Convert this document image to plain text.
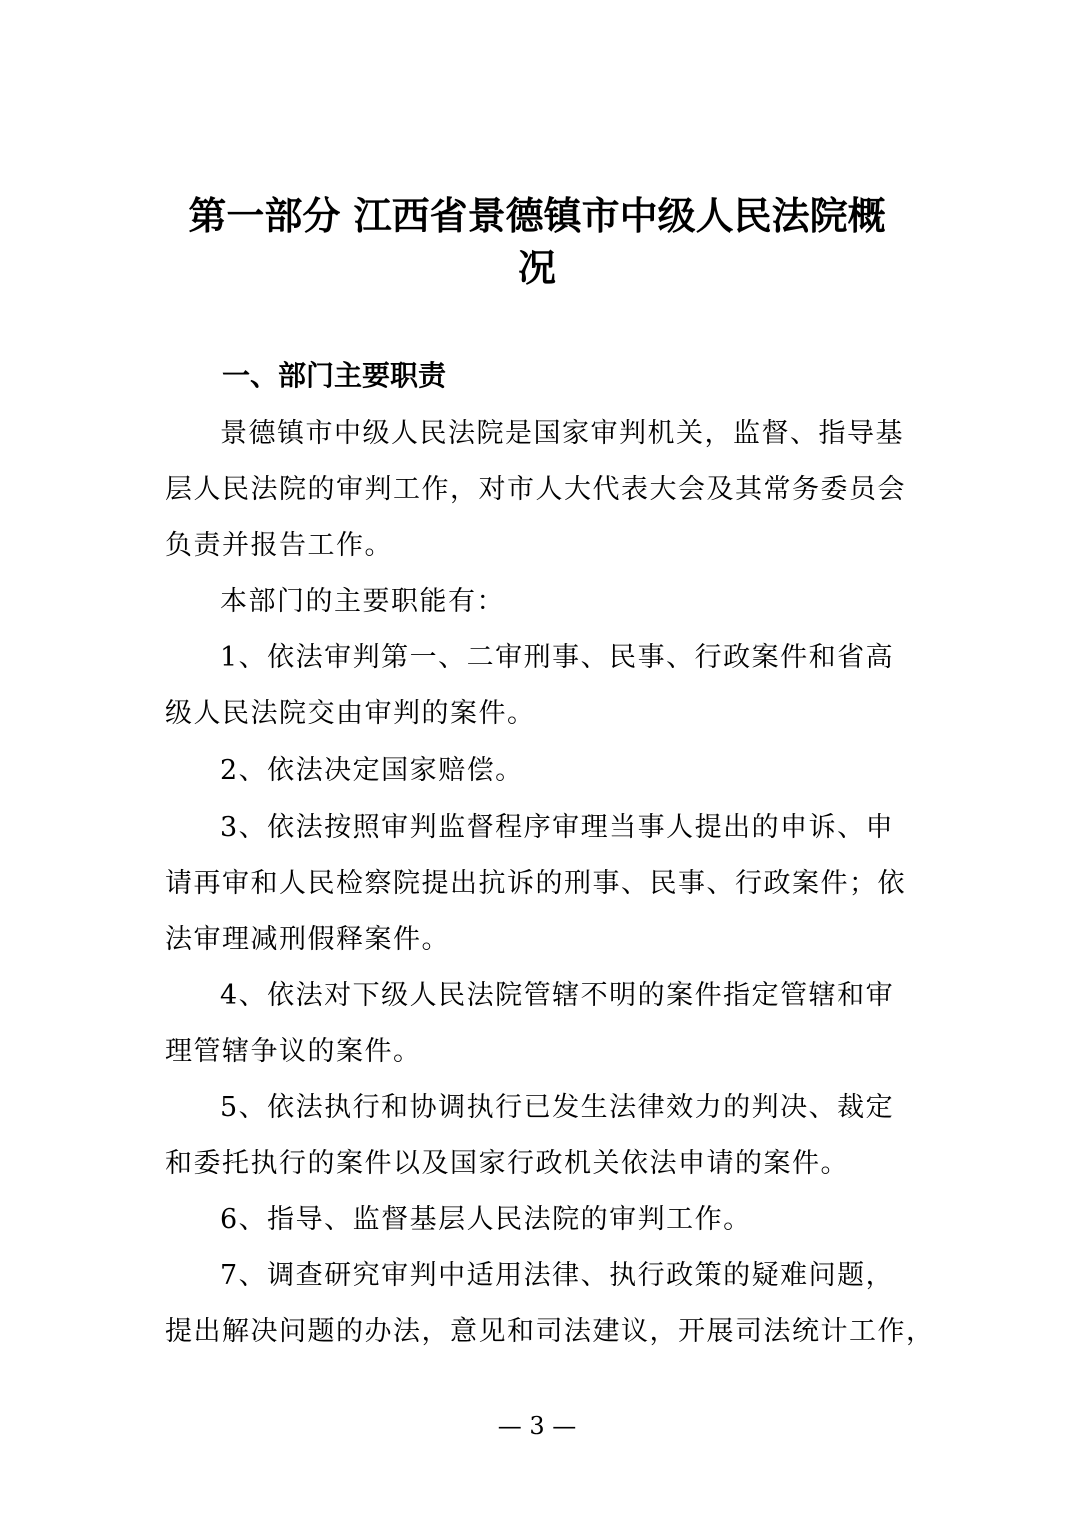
第一部分 江西省景德镇市中级人民法院概
况
一、部门主要职责
景德镇市中级人民法院是国家审判机关，监督、指导基
层人民法院的审判工作，对市人大代表大会及其常务委员会
负责并报告工作。
本部门的主要职能有：
1、依法审判第一、二审刑事、民事、行政案件和省高
级人民法院交由审判的案件。
2、依法决定国家赔偿。
3、依法按照审判监督程序审理当事人提出的申诉、申
请再审和人民检察院提出抗诉的刑事、民事、行政案件；依
法审理减刑假释案件。
4、依法对下级人民法院管辖不明的案件指定管辖和审
理管辖争议的案件。
5、依法执行和协调执行已发生法律效力的判决、裁定
和委托执行的案件以及国家行政机关依法申请的案件。
6、指导、监督基层人民法院的审判工作。
7、调查研究审判中适用法律、执行政策的疑难问题，
提出解决问题的办法，意见和司法建议，开展司法统计工作，
— 3 —
